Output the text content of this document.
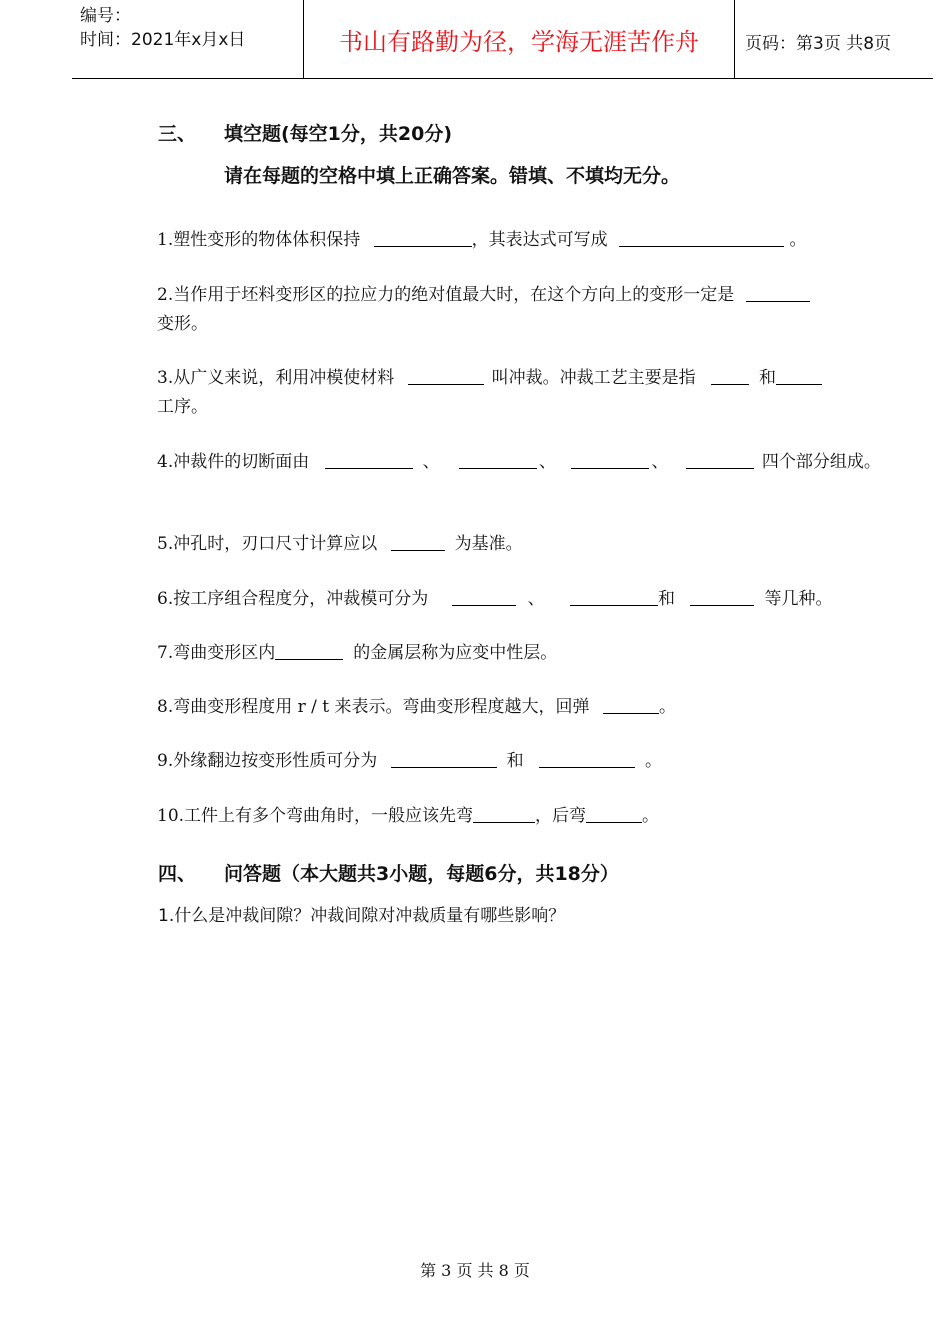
编号：
时间：2021年x月x日	书山有路勤为径，学海无涯苦作舟	页码：第3页 共8页
三、 填空题(每空1分，共20分)
请在每题的空格中填上正确答案。错填、不填均无分。
1.塑性变形的物体体积保持	，其表达式可写成	。
2.当作用于坯料变形区的拉应力的绝对值最大时，在这个方向上的变形一定是
变形。
3.从广义来说，利用冲模使材料	叫冲裁。冲裁工艺主要是指	和
工序。
4.冲裁件的切断面由	、	、	、	四个部分组成。
5.冲孔时，刃口尺寸计算应以	为基准。
6.按工序组合程度分，冲裁模可分为	、	和	等几种。
7.弯曲变形区内	的金属层称为应变中性层。
8.弯曲变形程度用 r / t 来表示。弯曲变形程度越大，回弹	。
9.外缘翻边按变形性质可分为	和	。
10.工件上有多个弯曲角时，一般应该先弯	，后弯	。
四、 问答题（本大题共3小题，每题6分，共18分）
1.什么是冲裁间隙？冲裁间隙对冲裁质量有哪些影响？
第 3 页 共 8 页
